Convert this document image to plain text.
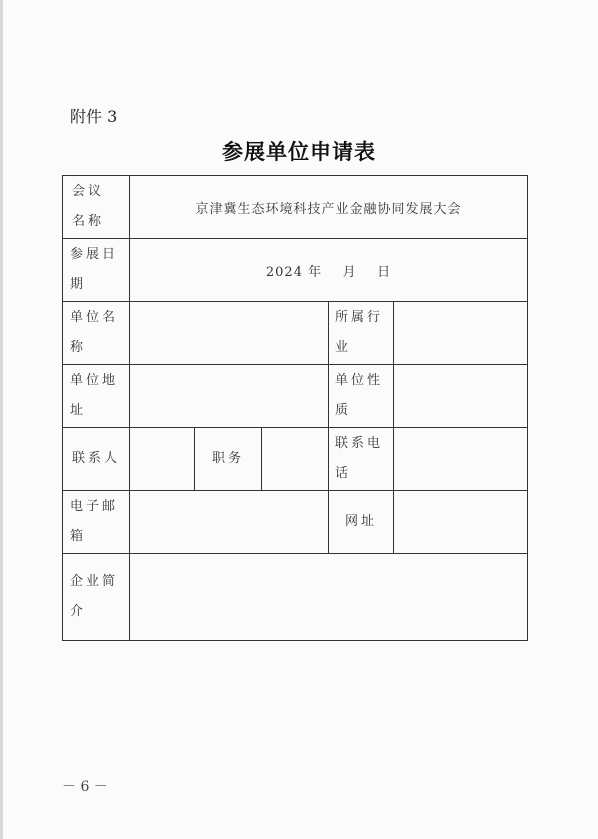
附件 3
参展单位申请表
会议
名称	京津冀生态环境科技产业金融协同发展大会				
参展日
期	2024 年    月    日				
单位名
称				所属行
业	
单位地
址				单位性
质	
联系人		职务		联系电
话	
电子邮
箱				网址	
企业简
介					
－ 6 －
